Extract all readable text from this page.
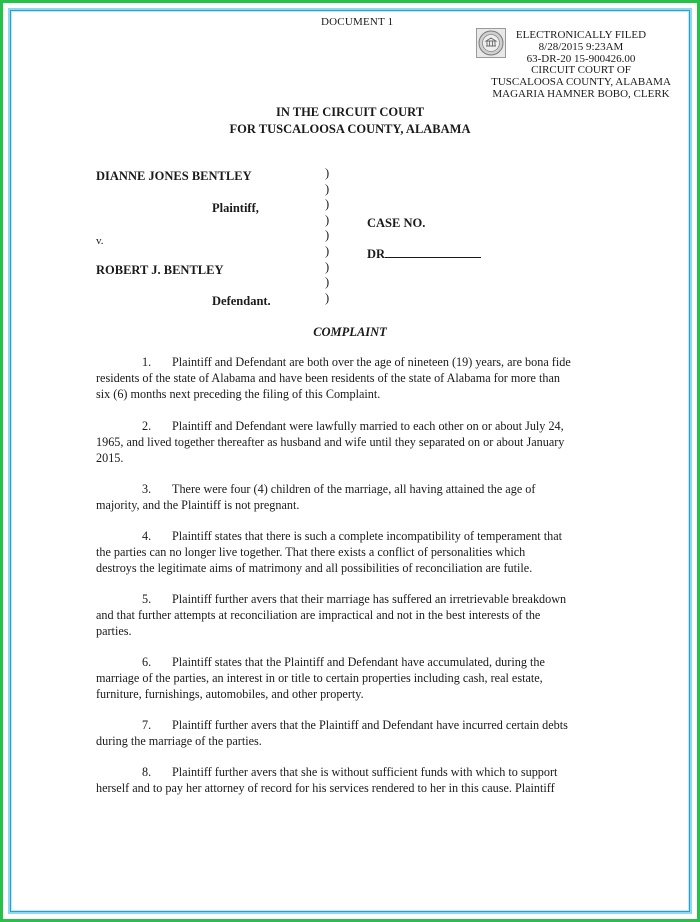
DOCUMENT 1
ELECTRONICALLY FILED
8/28/2015 9:23AM
63-DR-20 15-900426.00
CIRCUIT COURT OF
TUSCALOOSA COUNTY, ALABAMA
MAGARIA HAMNER BOBO, CLERK
IN THE CIRCUIT COURT
FOR TUSCALOOSA COUNTY, ALABAMA
DIANNE JONES BENTLEY
Plaintiff,
v.
ROBERT J. BENTLEY
Defendant.
)
)
)
)
)
)
)
)
)
CASE NO.
DR
COMPLAINT
1. Plaintiff and Defendant are both over the age of nineteen (19) years, are bona fide
residents of the state of Alabama and have been residents of the state of Alabama for more than
six (6) months next preceding the filing of this Complaint.
2. Plaintiff and Defendant were lawfully married to each other on or about July 24,
1965, and lived together thereafter as husband and wife until they separated on or about January
2015.
3. There were four (4) children of the marriage, all having attained the age of
majority, and the Plaintiff is not pregnant.
4. Plaintiff states that there is such a complete incompatibility of temperament that
the parties can no longer live together. That there exists a conflict of personalities which
destroys the legitimate aims of matrimony and all possibilities of reconciliation are futile.
5. Plaintiff further avers that their marriage has suffered an irretrievable breakdown
and that further attempts at reconciliation are impractical and not in the best interests of the
parties.
6. Plaintiff states that the Plaintiff and Defendant have accumulated, during the
marriage of the parties, an interest in or title to certain properties including cash, real estate,
furniture, furnishings, automobiles, and other property.
7. Plaintiff further avers that the Plaintiff and Defendant have incurred certain debts
during the marriage of the parties.
8. Plaintiff further avers that she is without sufficient funds with which to support
herself and to pay her attorney of record for his services rendered to her in this cause. Plaintiff
